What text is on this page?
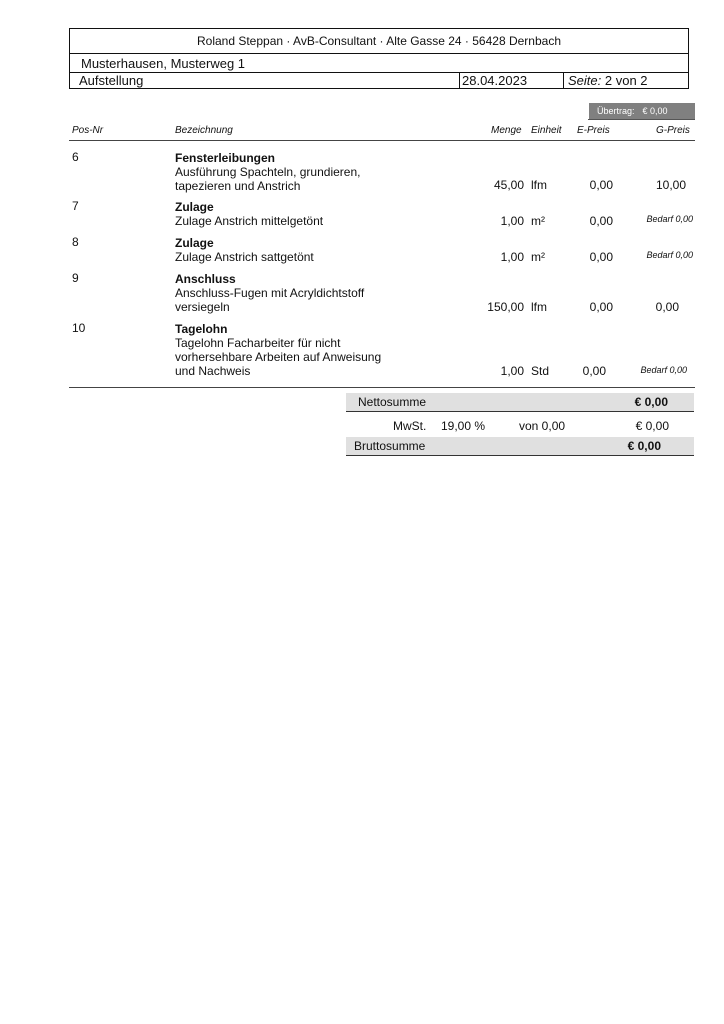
Roland Steppan · AvB-Consultant · Alte Gasse 24 · 56428 Dernbach
Musterhausen, Musterweg 1
Aufstellung	28.04.2023	Seite: 2 von 2
Übertrag: € 0,00
Pos-Nr	Bezeichnung	Menge Einheit E-Preis	G-Preis
6	Fensterleibungen
Ausführung Spachteln, grundieren,
tapezieren und Anstrich	45,00 lfm	0,00	10,00
7	Zulage
Zulage Anstrich mittelgetönt	1,00 m²	0,00	Bedarf 0,00
8	Zulage
Zulage Anstrich sattgetönt	1,00 m²	0,00	Bedarf 0,00
9	Anschluss
Anschluss-Fugen mit Acryldichtstoff
versiegeln	150,00 lfm	0,00	0,00
10	Tagelohn
Tagelohn Facharbeiter für nicht
vorhersehbare Arbeiten auf Anweisung
und Nachweis	1,00 Std	0,00	Bedarf 0,00
Nettosumme	€ 0,00
MwSt. 19,00 %	von 0,00	€ 0,00
Bruttosumme	€ 0,00
